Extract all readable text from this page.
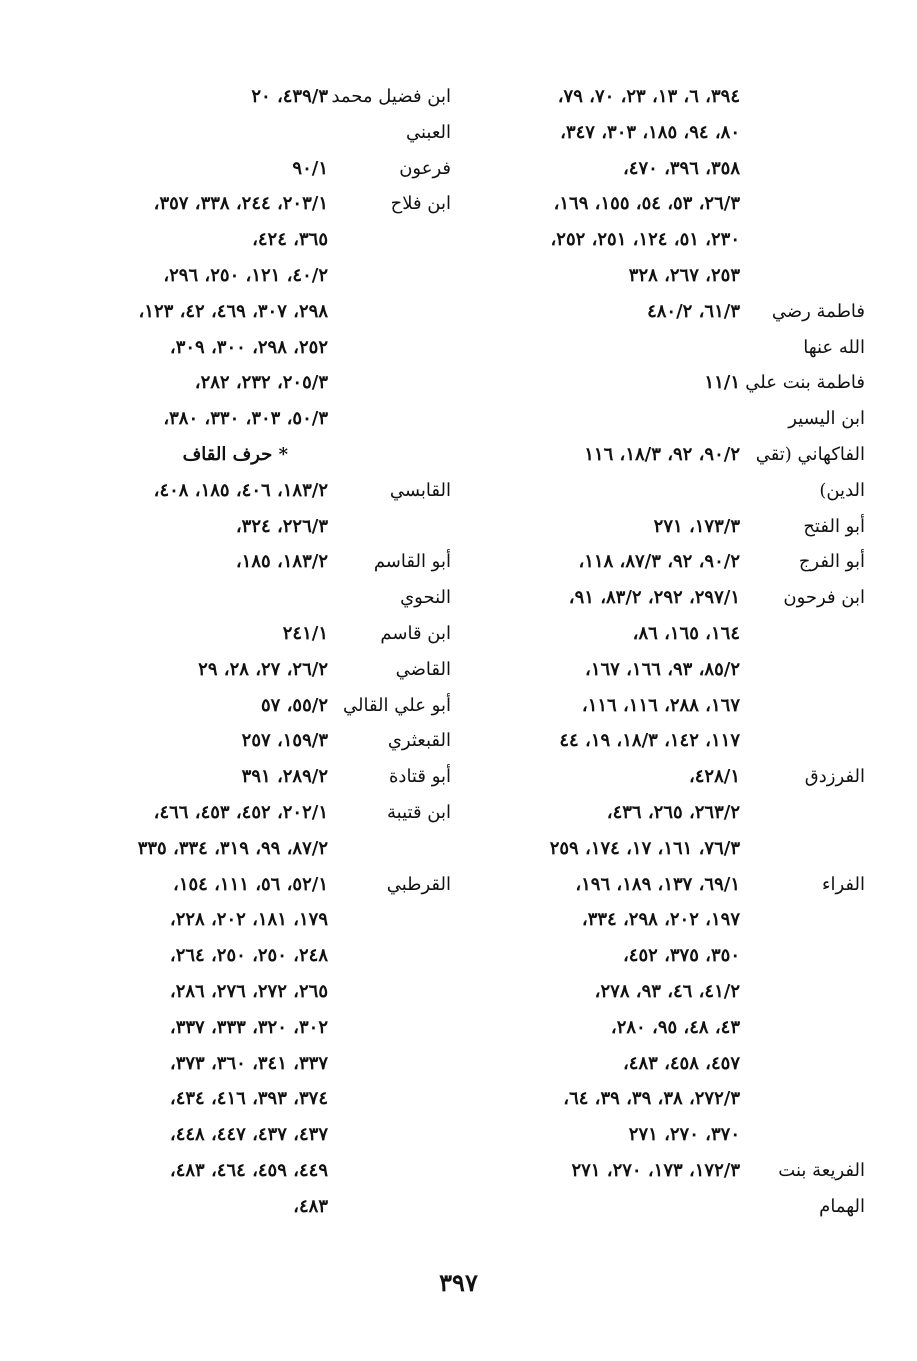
٣٩٤، ٦، ١٣، ٢٣، ٧٠، ٧٩،
٨٠، ٩٤، ١٨٥، ٣٠٣، ٣٤٧،
٣٥٨، ٣٩٦، ٤٧٠،
٢٦/٣، ٥٣، ٥٤، ١٥٥، ١٦٩،
٢٣٠، ٥١، ١٢٤، ٢٥١، ٢٥٢،
٢٥٣، ٢٦٧، ٣٢٨
فاطمة رضي
٦١/٣، ٤٨٠/٢
الله عنها
فاطمة بنت علي
١١/١
ابن اليسير
الفاكهاني (تقي
٩٠/٢، ٩٢، ١٨/٣، ١١٦
الدين)
أبو الفتح
١٧٣/٣، ٢٧١
أبو الفرج
٩٠/٢، ٩٢، ٨٧/٣، ١١٨،
ابن فرحون
٢٩٧/١، ٢٩٢، ٨٣/٢، ٩١،
١٦٤، ١٦٥، ٨٦،
٨٥/٢، ٩٣، ١٦٦، ١٦٧،
١٦٧، ٢٨٨، ١١٦، ١١٦،
١١٧، ١٤٢، ١٨/٣، ١٩، ٤٤
الفرزدق
٤٢٨/١،
٢٦٣/٢، ٢٦٥، ٤٣٦،
٧٦/٣، ١٦١، ١٧، ١٧٤، ٢٥٩
الفراء
٦٩/١، ١٣٧، ١٨٩، ١٩٦،
١٩٧، ٢٠٢، ٢٩٨، ٣٣٤،
٣٥٠، ٣٧٥، ٤٥٢،
٤١/٢، ٤٦، ٩٣، ٢٧٨،
٤٣، ٤٨، ٩٥، ٢٨٠،
٤٥٧، ٤٥٨، ٤٨٣،
٢٧٢/٣، ٣٨، ٣٩، ٣٩، ٦٤،
٣٧٠، ٢٧٠، ٢٧١
الفريعة بنت
١٧٢/٣، ١٧٣، ٢٧٠، ٢٧١
الهمام
ابن فضيل محمد
٤٣٩/٣، ٢٠
العبني
فرعون
٩٠/١
ابن فلاح
٢٠٣/١، ٢٤٤، ٣٣٨، ٣٥٧،
٣٦٥، ٤٢٤،
٤٠/٢، ١٢١، ٢٥٠، ٢٩٦،
٢٩٨، ٣٠٧، ٤٦٩، ٤٢، ١٢٣،
٢٥٢، ٢٩٨، ٣٠٠، ٣٠٩،
٢٠٥/٣، ٢٣٢، ٢٨٢،
٥٠/٣، ٣٠٣، ٣٣٠، ٣٨٠،
* حرف القاف
القابسي
١٨٣/٢، ٤٠٦، ١٨٥، ٤٠٨،
٢٢٦/٣، ٣٢٤،
أبو القاسم
١٨٣/٢، ١٨٥،
النحوي
ابن قاسم
٢٤١/١
القاضي
٢٦/٢، ٢٧، ٢٨، ٢٩
أبو علي القالي
٥٥/٢، ٥٧
القبعثري
١٥٩/٣، ٢٥٧
أبو قتادة
٢٨٩/٢، ٣٩١
ابن قتيبة
٢٠٢/١، ٤٥٢، ٤٥٣، ٤٦٦،
٨٧/٢، ٩٩، ٣١٩، ٣٣٤، ٣٣٥
القرطبي
٥٢/١، ٥٦، ١١١، ١٥٤،
١٧٩، ١٨١، ٢٠٢، ٢٢٨،
٢٤٨، ٢٥٠، ٢٥٠، ٢٦٤،
٢٦٥، ٢٧٢، ٢٧٦، ٢٨٦،
٣٠٢، ٣٢٠، ٣٣٣، ٣٣٧،
٣٣٧، ٣٤١، ٣٦٠، ٣٧٣،
٣٧٤، ٣٩٣، ٤١٦، ٤٣٤،
٤٣٧، ٤٣٧، ٤٤٧، ٤٤٨،
٤٤٩، ٤٥٩، ٤٦٤، ٤٨٣،
٤٨٣،
٣٩٧
